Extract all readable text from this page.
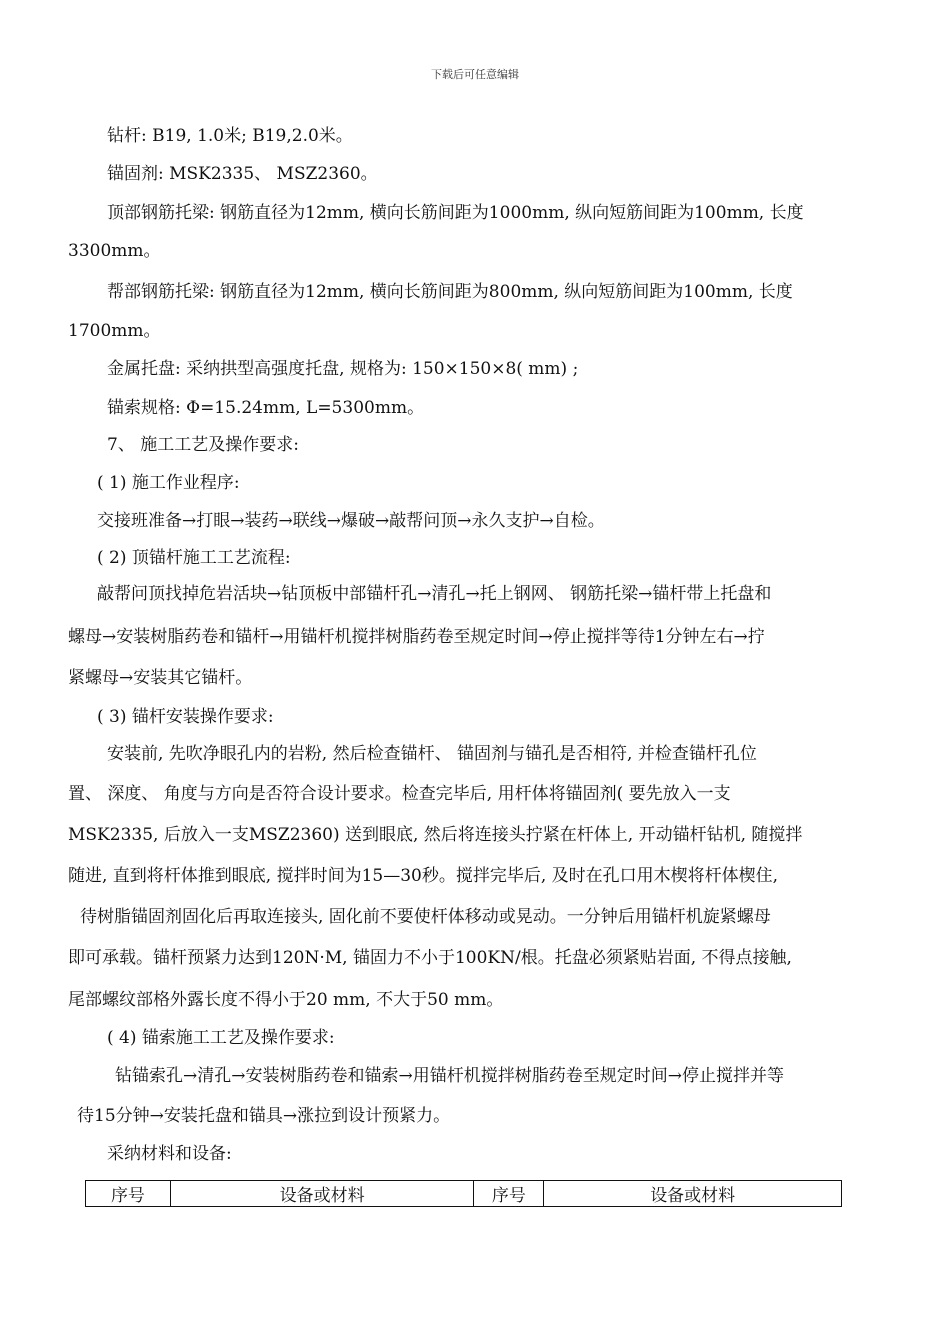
下载后可任意编辑
钻杆: B19, 1.0米; B19,2.0米。
锚固剂: MSK2335、 MSZ2360。
顶部钢筋托梁: 钢筋直径为12mm, 横向长筋间距为1000mm, 纵向短筋间距为100mm, 长度
3300mm。
帮部钢筋托梁: 钢筋直径为12mm, 横向长筋间距为800mm, 纵向短筋间距为100mm, 长度
1700mm。
金属托盘: 采纳拱型高强度托盘, 规格为: 150×150×8( mm) ;
锚索规格: Φ=15.24mm, L=5300mm。
7、 施工工艺及操作要求:
( 1) 施工作业程序:
交接班准备→打眼→装药→联线→爆破→敲帮问顶→永久支护→自检。
( 2) 顶锚杆施工工艺流程:
敲帮问顶找掉危岩活块→钻顶板中部锚杆孔→清孔→托上钢网、 钢筋托梁→锚杆带上托盘和
螺母→安装树脂药卷和锚杆→用锚杆机搅拌树脂药卷至规定时间→停止搅拌等待1分钟左右→拧
紧螺母→安装其它锚杆。
( 3) 锚杆安装操作要求:
安装前, 先吹净眼孔内的岩粉, 然后检查锚杆、 锚固剂与锚孔是否相符, 并检查锚杆孔位
置、 深度、 角度与方向是否符合设计要求。检查完毕后, 用杆体将锚固剂( 要先放入一支
MSK2335, 后放入一支MSZ2360) 送到眼底, 然后将连接头拧紧在杆体上, 开动锚杆钻机, 随搅拌
随进, 直到将杆体推到眼底, 搅拌时间为15—30秒。搅拌完毕后, 及时在孔口用木楔将杆体楔住,
待树脂锚固剂固化后再取连接头, 固化前不要使杆体移动或晃动。一分钟后用锚杆机旋紧螺母
即可承载。锚杆预紧力达到120N·M, 锚固力不小于100KN/根。托盘必须紧贴岩面, 不得点接触,
尾部螺纹部格外露长度不得小于20 mm, 不大于50 mm。
( 4) 锚索施工工艺及操作要求:
钻锚索孔→清孔→安装树脂药卷和锚索→用锚杆机搅拌树脂药卷至规定时间→停止搅拌并等
待15分钟→安装托盘和锚具→涨拉到设计预紧力。
采纳材料和设备:
序号	设备或材料	序号	设备或材料
